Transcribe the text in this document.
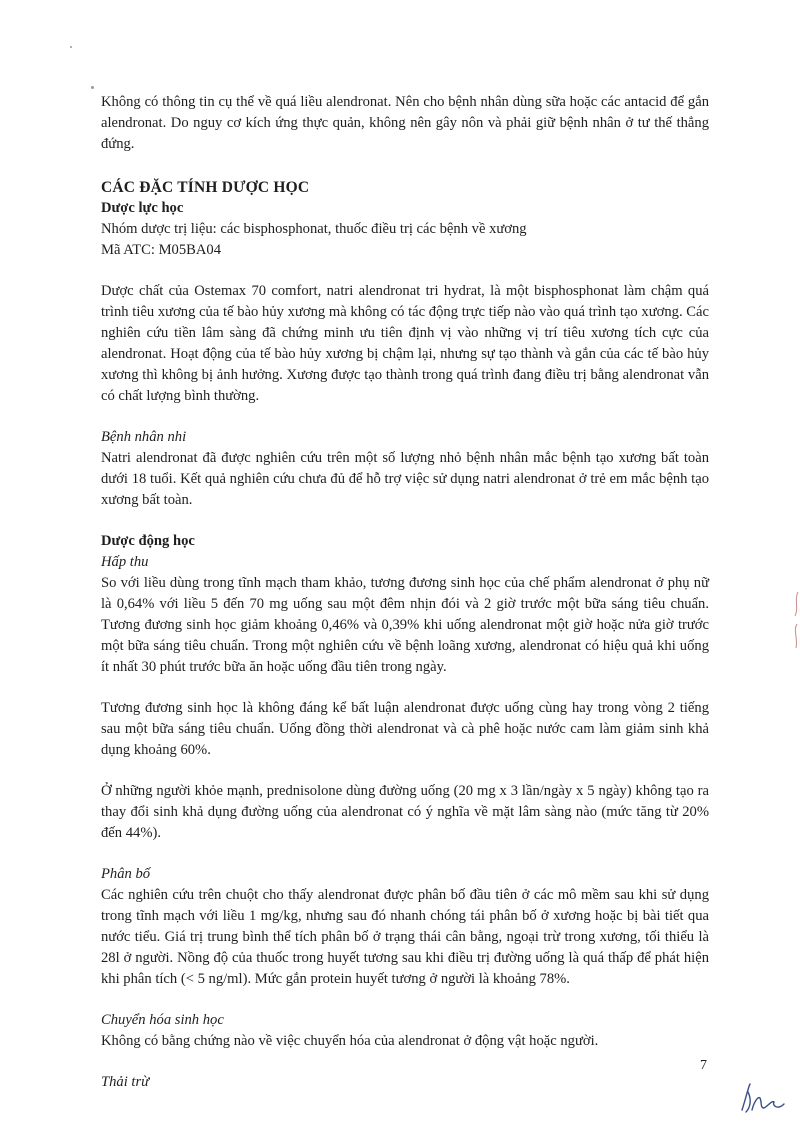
Không có thông tin cụ thể về quá liều alendronat. Nên cho bệnh nhân dùng sữa hoặc các antacid để gắn alendronat. Do nguy cơ kích ứng thực quản, không nên gây nôn và phải giữ bệnh nhân ở tư thế thẳng đứng.

CÁC ĐẶC TÍNH DƯỢC HỌC

Dược lực học

Nhóm dược trị liệu: các bisphosphonat, thuốc điều trị các bệnh về xương

Mã ATC: M05BA04

Dược chất của Ostemax 70 comfort, natri alendronat tri hydrat, là một bisphosphonat làm chậm quá trình tiêu xương của tế bào hủy xương mà không có tác động trực tiếp nào vào quá trình tạo xương. Các nghiên cứu tiền lâm sàng đã chứng minh ưu tiên định vị vào những vị trí tiêu xương tích cực của alendronat. Hoạt động của tế bào hủy xương bị chậm lại, nhưng sự tạo thành và gắn của các tế bào hủy xương thì không bị ảnh hưởng. Xương được tạo thành trong quá trình đang điều trị bằng alendronat vẫn có chất lượng bình thường.

Bệnh nhân nhi

Natri alendronat đã được nghiên cứu trên một số lượng nhỏ bệnh nhân mắc bệnh tạo xương bất toàn dưới 18 tuổi. Kết quả nghiên cứu chưa đủ để hỗ trợ việc sử dụng natri alendronat ở trẻ em mắc bệnh tạo xương bất toàn.

Dược động học

Hấp thu

So với liều dùng trong tĩnh mạch tham khảo, tương đương sinh học của chế phẩm alendronat ở phụ nữ là 0,64% với liều 5 đến 70 mg uống sau một đêm nhịn đói và 2 giờ trước một bữa sáng tiêu chuẩn. Tương đương sinh học giảm khoảng 0,46% và 0,39% khi uống alendronat một giờ hoặc nửa giờ trước một bữa sáng tiêu chuẩn. Trong một nghiên cứu về bệnh loãng xương, alendronat có hiệu quả khi uống ít nhất 30 phút trước bữa ăn hoặc uống đầu tiên trong ngày.

Tương đương sinh học là không đáng kể bất luận alendronat được uống cùng hay trong vòng 2 tiếng sau một bữa sáng tiêu chuẩn. Uống đồng thời alendronat và cà phê hoặc nước cam làm giảm sinh khả dụng khoảng 60%.

Ở những người khỏe mạnh, prednisolone dùng đường uống (20 mg x 3 lần/ngày x 5 ngày) không tạo ra thay đổi sinh khả dụng đường uống của alendronat có ý nghĩa về mặt lâm sàng nào (mức tăng từ 20% đến 44%).

Phân bố

Các nghiên cứu trên chuột cho thấy alendronat được phân bố đầu tiên ở các mô mềm sau khi sử dụng trong tĩnh mạch với liều 1 mg/kg, nhưng sau đó nhanh chóng tái phân bố ở xương hoặc bị bài tiết qua nước tiểu. Giá trị trung bình thể tích phân bố ở trạng thái cân bằng, ngoại trừ trong xương, tối thiểu là 28l ở người. Nồng độ của thuốc trong huyết tương sau khi điều trị đường uống là quá thấp để phát hiện khi phân tích (< 5 ng/ml). Mức gắn protein huyết tương ở người là khoảng 78%.

Chuyển hóa sinh học

Không có bằng chứng nào về việc chuyển hóa của alendronat ở động vật hoặc người.

Thải trừ

7
